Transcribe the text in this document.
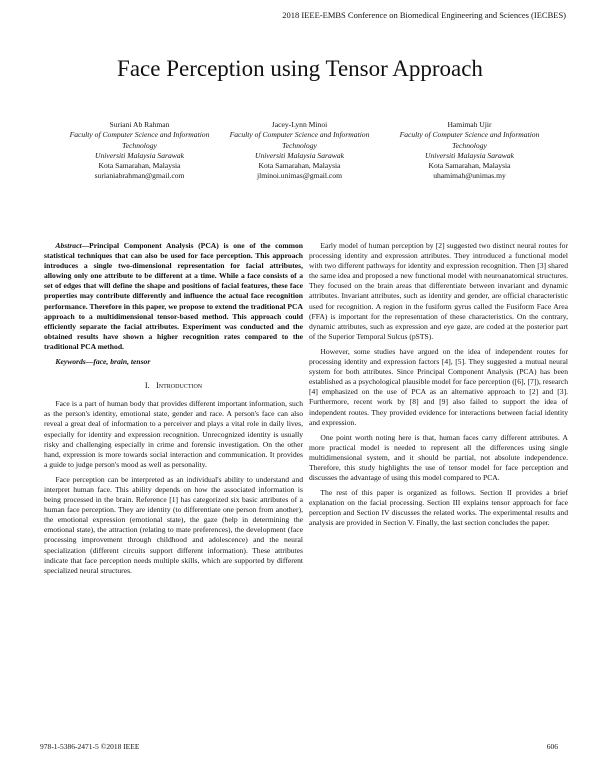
2018 IEEE-EMBS Conference on Biomedical Engineering and Sciences (IECBES)
Face Perception using Tensor Approach
Suriani Ab Rahman
Faculty of Computer Science and Information Technology
Universiti Malaysia Sarawak
Kota Samarahan, Malaysia
surianiabrahman@gmail.com
Jacey-Lynn Minoi
Faculty of Computer Science and Information Technology
Universiti Malaysia Sarawak
Kota Samarahan, Malaysia
jlminoi.unimas@gmail.com
Hamimah Ujir
Faculty of Computer Science and Information Technology
Universiti Malaysia Sarawak
Kota Samarahan, Malaysia
uhamimah@unimas.my

Abstract—Principal Component Analysis (PCA) is one of the common statistical techniques that can also be used for face perception. This approach introduces a single two-dimensional representation for facial attributes, allowing only one attribute to be different at a time. While a face consists of a set of edges that will define the shape and positions of facial features, these face properties may contribute differently and influence the actual face recognition performance. Therefore in this paper, we propose to extend the traditional PCA approach to a multidimensional tensor-based method. This approach could efficiently separate the facial attributes. Experiment was conducted and the obtained results have shown a higher recognition rates compared to the traditional PCA method.

Keywords—face, brain, tensor

I. Introduction

Face is a part of human body that provides different important information, such as the person's identity, emotional state, gender and race. A person's face can also reveal a great deal of information to a perceiver and plays a vital role in daily lives, especially for identity and expression recognition. Unrecognized identity is usually risky and challenging especially in crime and forensic investigation. On the other hand, expression is more towards social interaction and communication. It provides a guide to judge person's mood as well as personality.

Face perception can be interpreted as an individual's ability to understand and interpret human face. This ability depends on how the associated information is being processed in the brain. Reference [1] has categorized six basic attributes of a human face perception. They are identity (to differentiate one person from another), the emotional expression (emotional state), the gaze (help in determining the emotional state), the attraction (relating to mate preferences), the development (face processing improvement through childhood and adolescence) and the neural specialization (different circuits support different information). These attributes indicate that face perception needs multiple skills, which are supported by different specialized neural structures.

Early model of human perception by [2] suggested two distinct neural routes for processing identity and expression attributes. They introduced a functional model with two different pathways for identity and expression recognition. Then [3] shared the same idea and proposed a new functional model with neuroanatomical structures. They focused on the brain areas that differentiate between invariant and dynamic attributes. Invariant attributes, such as identity and gender, are official characteristic used for recognition. A region in the fusiform gyrus called the Fusiform Face Area (FFA) is important for the representation of these characteristics. On the contrary, dynamic attributes, such as expression and eye gaze, are coded at the posterior part of the Superior Temporal Sulcus (pSTS).

However, some studies have argued on the idea of independent routes for processing identity and expression factors [4], [5]. They suggested a mutual neural system for both attributes. Since Principal Component Analysis (PCA) has been established as a psychological plausible model for face perception ([6], [7]), research [4] emphasized on the use of PCA as an alternative approach to [2] and [3]. Furthermore, recent work by [8] and [9] also failed to support the idea of independent routes. They provided evidence for interactions between facial identity and expression.

One point worth noting here is that, human faces carry different attributes. A more practical model is needed to represent all the differences using single multidimensional system, and it should be partial, not absolute independence. Therefore, this study highlights the use of tensor model for face perception and discusses the advantage of using this model compared to PCA.

The rest of this paper is organized as follows. Section II provides a brief explanation on the facial processing. Section III explains tensor approach for face perception and Section IV discusses the related works. The experimental results and analysis are provided in Section V. Finally, the last section concludes the paper.

978-1-5386-2471-5 ©2018 IEEE	606
